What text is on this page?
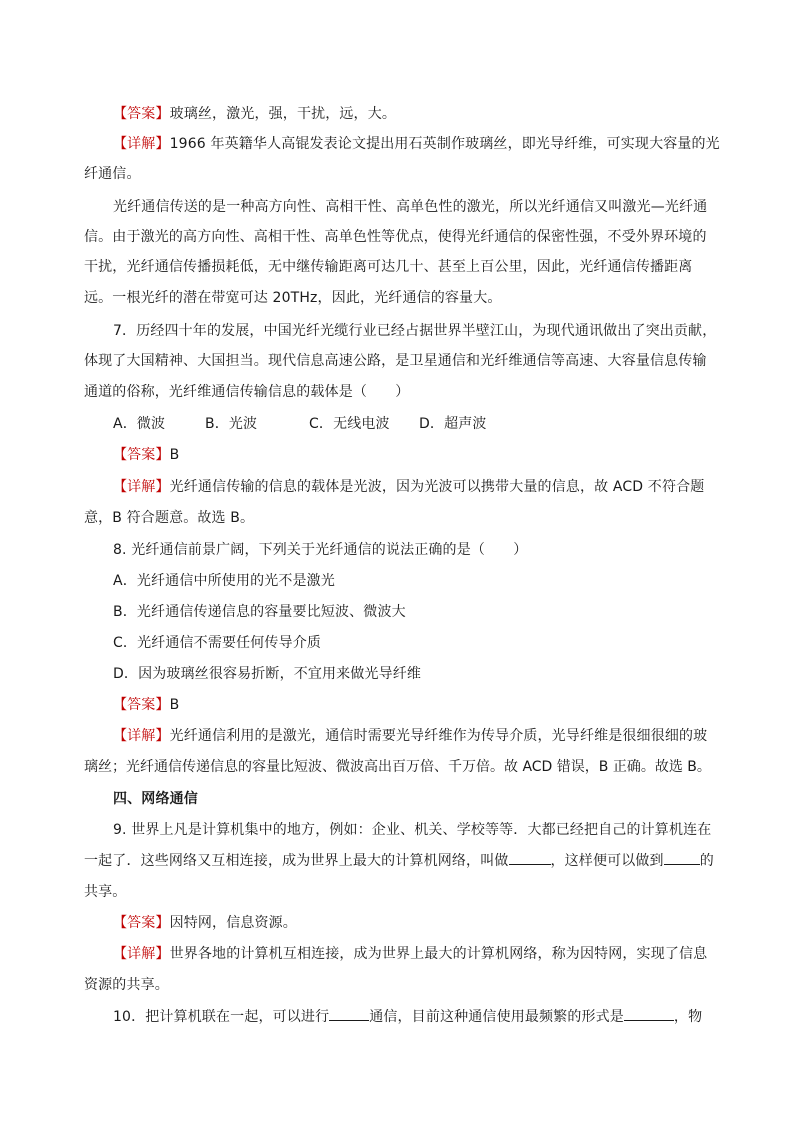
【答案】玻璃丝，激光，强，干扰，远，大。
【详解】1966 年英籍华人高锟发表论文提出用石英制作玻璃丝，即光导纤维，可实现大容量的光
纤通信。
光纤通信传送的是一种高方向性、高相干性、高单色性的激光，所以光纤通信又叫激光—光纤通
信。由于激光的高方向性、高相干性、高单色性等优点，使得光纤通信的保密性强，不受外界环境的
干扰，光纤通信传播损耗低，无中继传输距离可达几十、甚至上百公里，因此，光纤通信传播距离
远。一根光纤的潜在带宽可达 20THz，因此，光纤通信的容量大。
7．历经四十年的发展，中国光纤光缆行业已经占据世界半壁江山，为现代通讯做出了突出贡献，
体现了大国精神、大国担当。现代信息高速公路，是卫星通信和光纤维通信等高速、大容量信息传输
通道的俗称，光纤维通信传输信息的载体是（　　）
A．微波	B．光波	C．无线电波 D．超声波
【答案】B
【详解】光纤通信传输的信息的载体是光波，因为光波可以携带大量的信息，故 ACD 不符合题
意，B 符合题意。故选 B。
8. 光纤通信前景广阔，下列关于光纤通信的说法正确的是（　　）
A．光纤通信中所使用的光不是激光
B．光纤通信传递信息的容量要比短波、微波大
C．光纤通信不需要任何传导介质
D．因为玻璃丝很容易折断，不宜用来做光导纤维
【答案】B
【详解】光纤通信利用的是激光，通信时需要光导纤维作为传导介质，光导纤维是很细很细的玻
璃丝；光纤通信传递信息的容量比短波、微波高出百万倍、千万倍。故 ACD 错误，B 正确。故选 B。
四、网络通信
9. 世界上凡是计算机集中的地方，例如：企业、机关、学校等等．大都已经把自己的计算机连在
一起了．这些网络又互相连接，成为世界上最大的计算机网络，叫做	，这样便可以做到	的
共享。
【答案】因特网，信息资源。
【详解】世界各地的计算机互相连接，成为世界上最大的计算机网络，称为因特网，实现了信息
资源的共享。
10．把计算机联在一起，可以进行	通信，目前这种通信使用最频繁的形式是	，物
